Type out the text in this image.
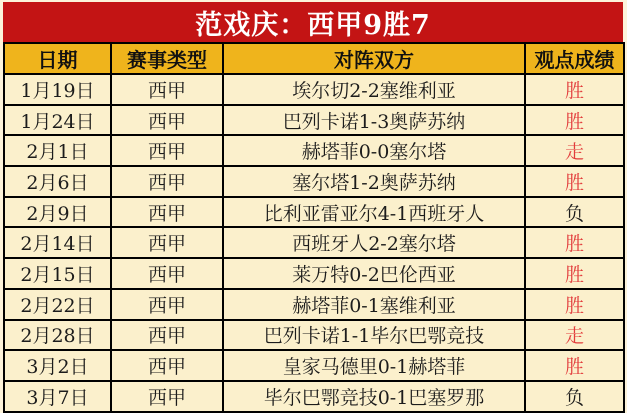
范戏庆：西甲9胜7
日期	赛事类型	对阵双方	观点成绩
1月19日	西甲	埃尔切2-2塞维利亚	胜
1月24日	西甲	巴列卡诺1-3奥萨苏纳	胜
2月1日	西甲	赫塔菲0-0塞尔塔	走
2月6日	西甲	塞尔塔1-2奥萨苏纳	胜
2月9日	西甲	比利亚雷亚尔4-1西班牙人	负
2月14日	西甲	西班牙人2-2塞尔塔	胜
2月15日	西甲	莱万特0-2巴伦西亚	胜
2月22日	西甲	赫塔菲0-1塞维利亚	胜
2月28日	西甲	巴列卡诺1-1毕尔巴鄂竞技	走
3月2日	西甲	皇家马德里0-1赫塔菲	胜
3月7日	西甲	毕尔巴鄂竞技0-1巴塞罗那	负
